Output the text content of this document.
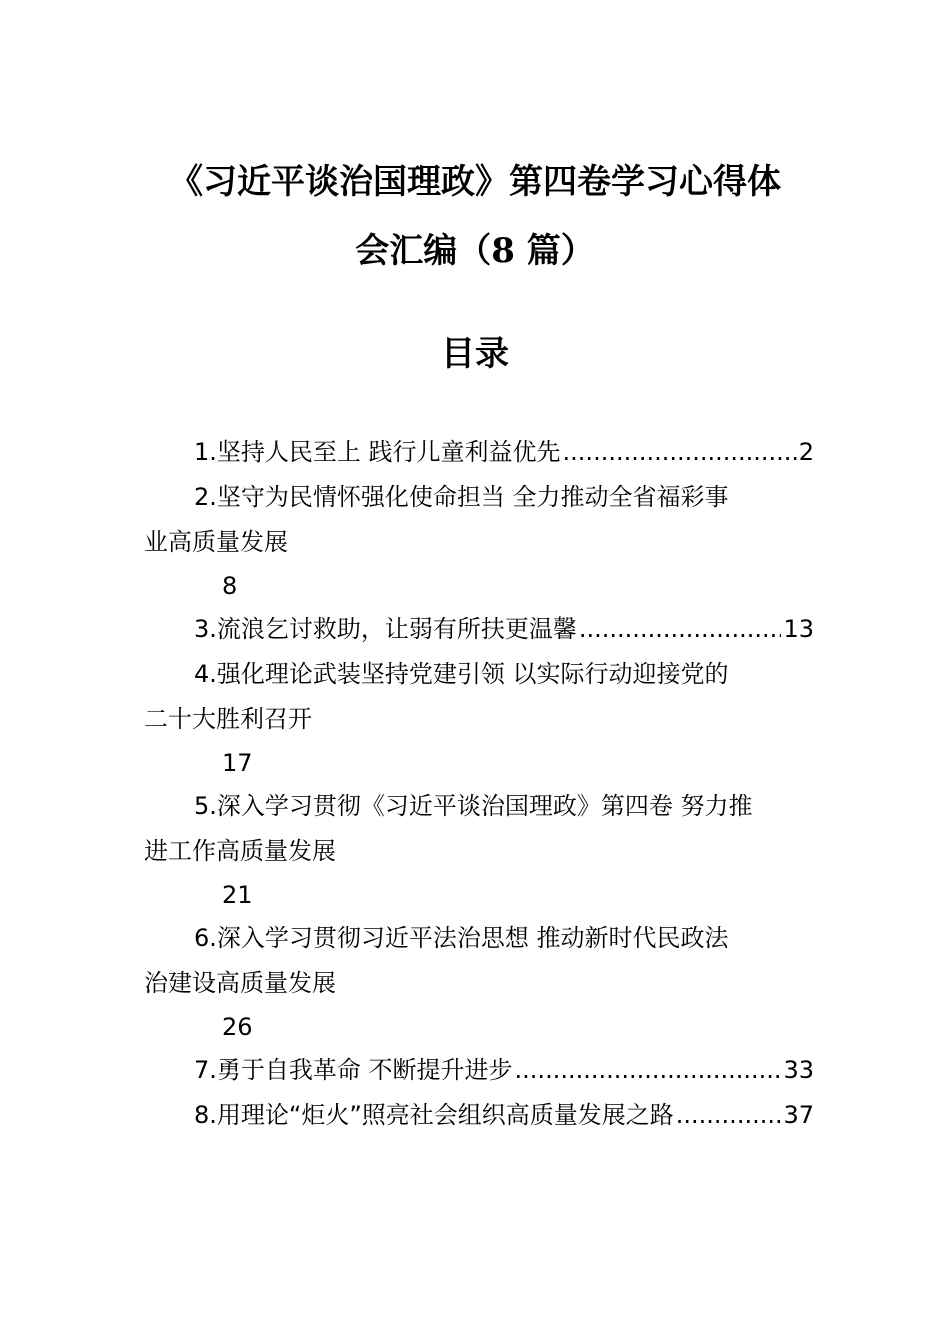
《习近平谈治国理政》第四卷学习心得体
会汇编（8 篇）
目录
1. 坚持人民至上 践行儿童利益优先 .....	2
2.坚守为民情怀强化使命担当 全力推动全省福彩事
业高质量发展
8
3. 流浪乞讨救助，让弱有所扶更温馨 .....	13
4.强化理论武装坚持党建引领 以实际行动迎接党的
二十大胜利召开
17
5.深入学习贯彻《习近平谈治国理政》第四卷 努力推
进工作高质量发展
21
6.深入学习贯彻习近平法治思想 推动新时代民政法
治建设高质量发展
26
7. 勇于自我革命 不断提升进步 .....	33
8. 用理论“炬火”照亮社会组织高质量发展之路 .....	37
